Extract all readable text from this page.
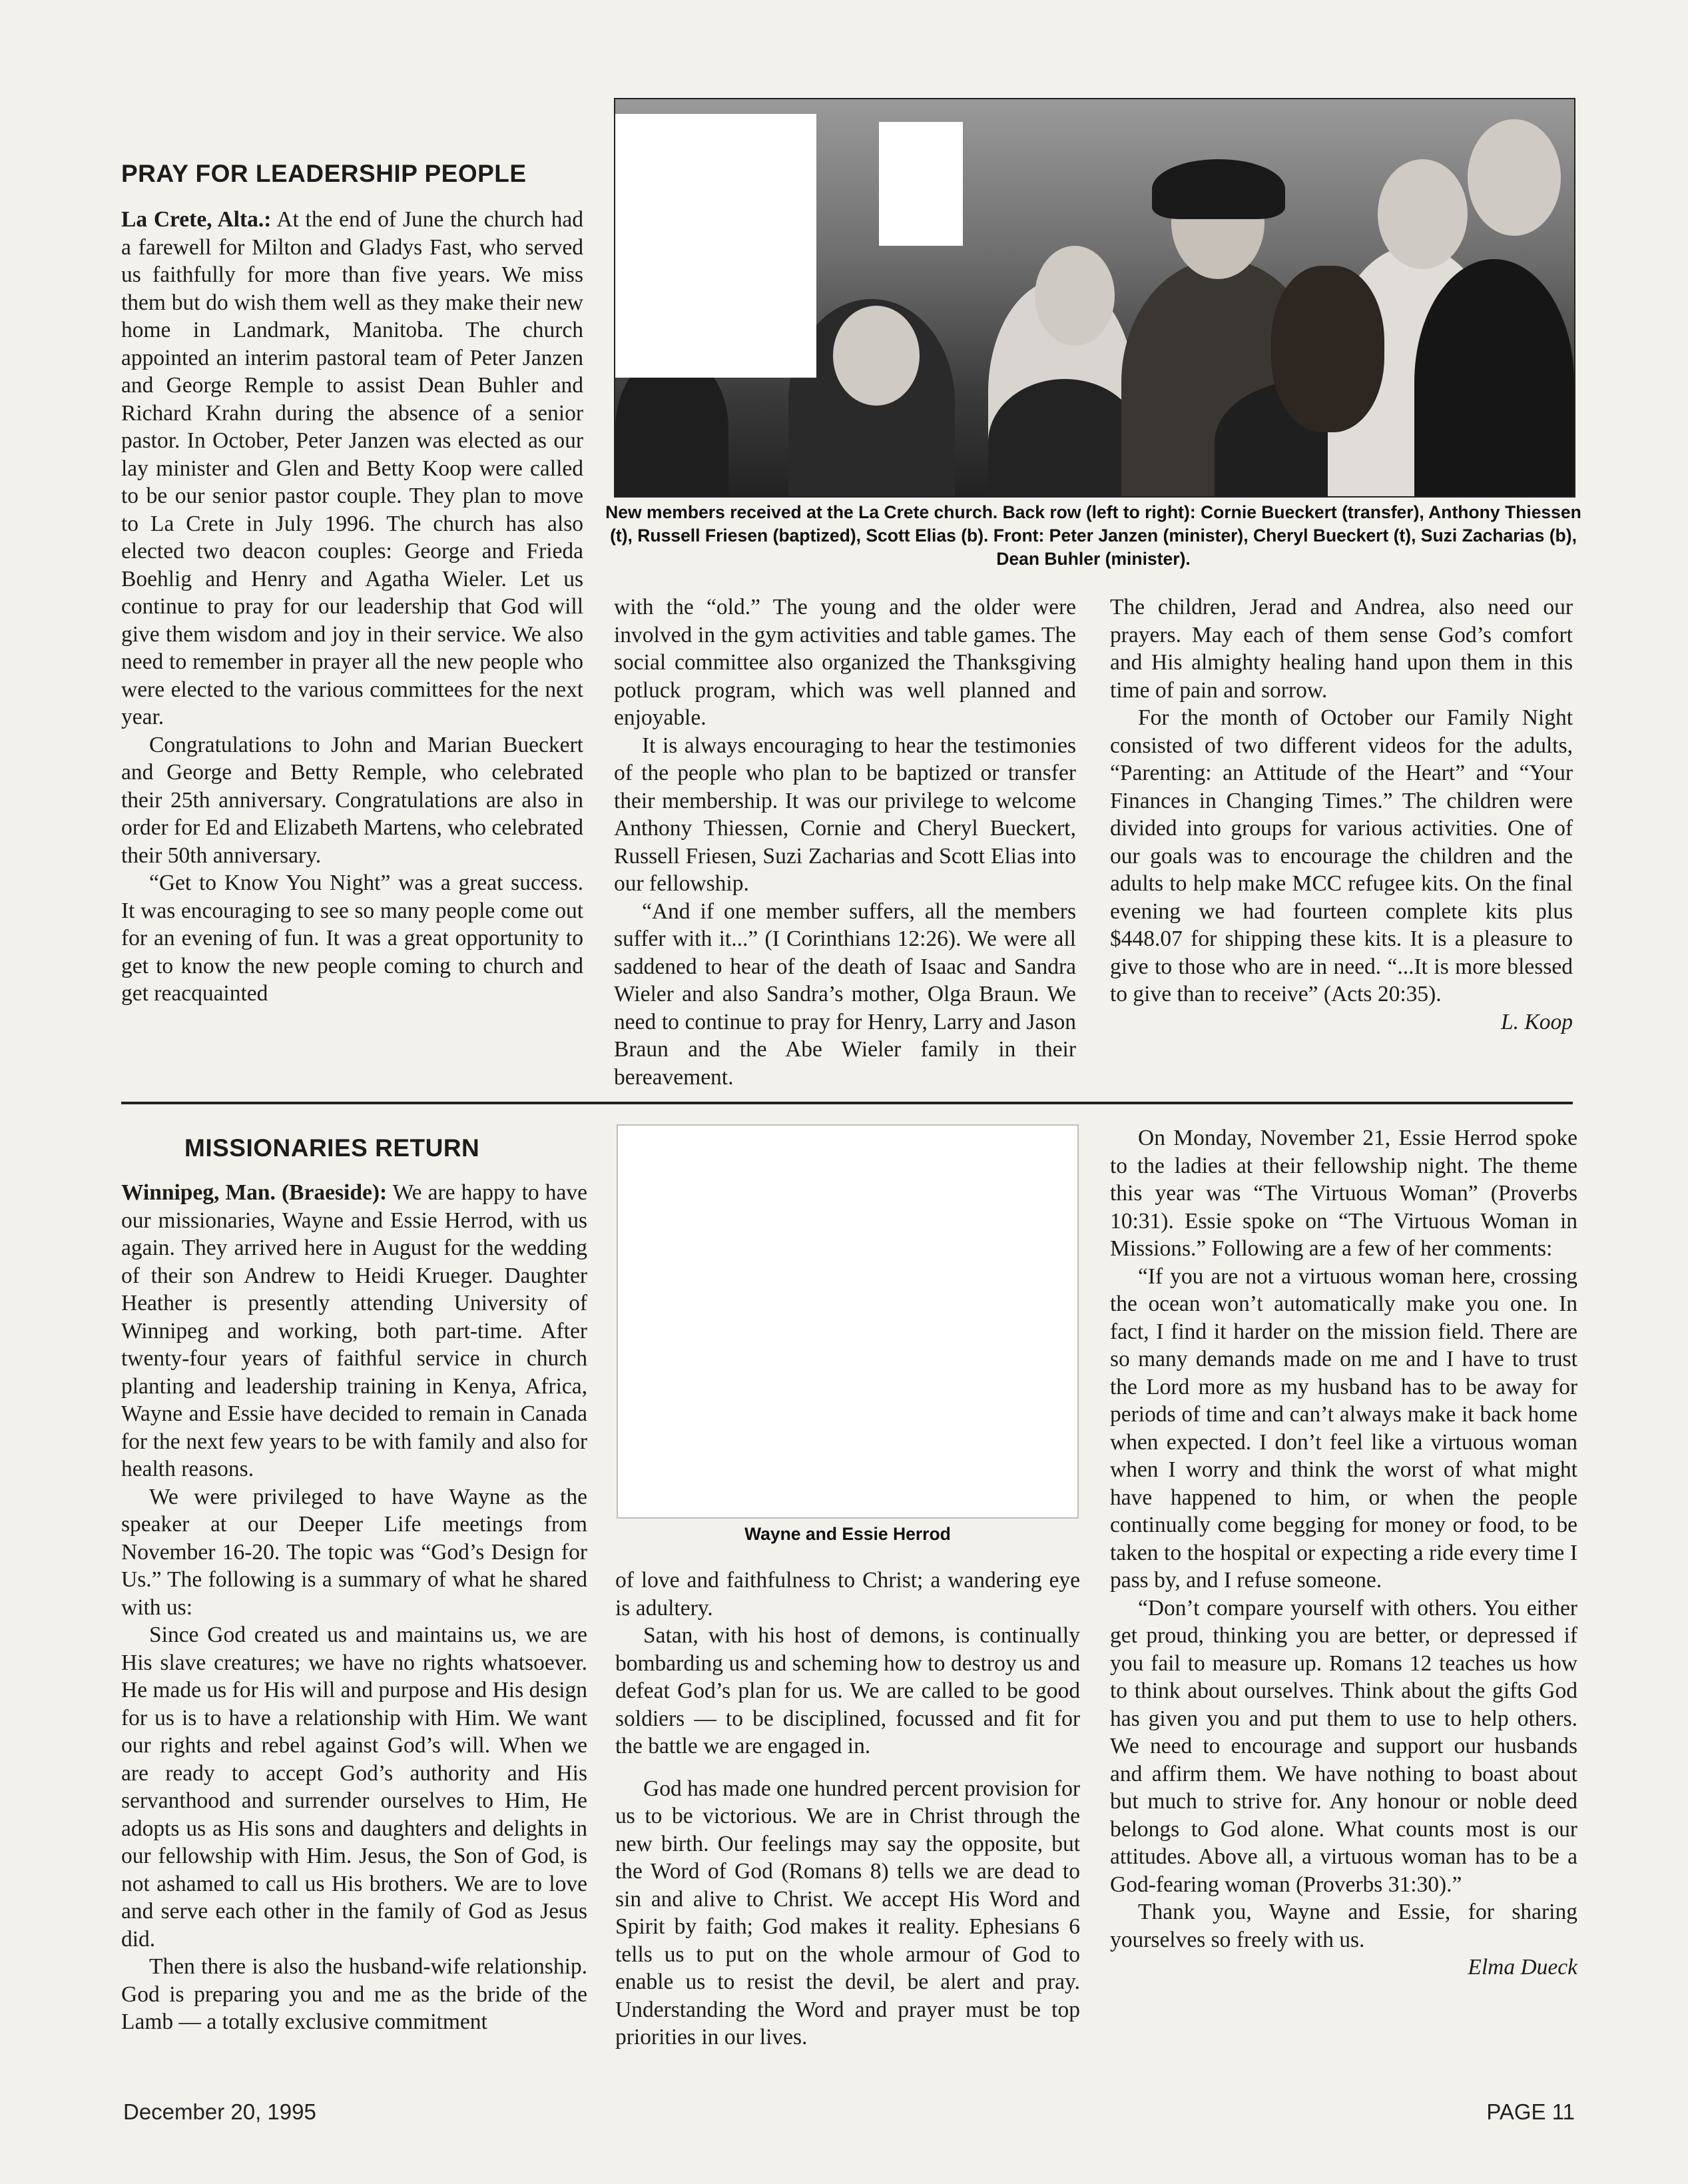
PRAY FOR LEADERSHIP PEOPLE

La Crete, Alta.: At the end of June the church had a farewell for Milton and Gladys Fast, who served us faithfully for more than five years. We miss them but do wish them well as they make their new home in Landmark, Manitoba. The church appointed an interim pastoral team of Peter Janzen and George Remple to assist Dean Buhler and Richard Krahn during the absence of a senior pastor. In October, Peter Janzen was elected as our lay minister and Glen and Betty Koop were called to be our senior pastor couple. They plan to move to La Crete in July 1996. The church has also elected two deacon couples: George and Frieda Boehlig and Henry and Agatha Wieler. Let us continue to pray for our leadership that God will give them wisdom and joy in their service. We also need to remember in prayer all the new people who were elected to the various committees for the next year.

Congratulations to John and Marian Bueckert and George and Betty Remple, who celebrated their 25th anniversary. Congratulations are also in order for Ed and Elizabeth Martens, who celebrated their 50th anniversary.

“Get to Know You Night” was a great success. It was encouraging to see so many people come out for an evening of fun. It was a great opportunity to get to know the new people coming to church and get reacquainted

New members received at the La Crete church. Back row (left to right): Cornie Bueckert (transfer), Anthony Thiessen (t), Russell Friesen (baptized), Scott Elias (b). Front: Peter Janzen (minister), Cheryl Bueckert (t), Suzi Zacharias (b), Dean Buhler (minister).

with the “old.” The young and the older were involved in the gym activities and table games. The social committee also organized the Thanksgiving potluck program, which was well planned and enjoyable.

It is always encouraging to hear the testimonies of the people who plan to be baptized or transfer their membership. It was our privilege to welcome Anthony Thiessen, Cornie and Cheryl Bueckert, Russell Friesen, Suzi Zacharias and Scott Elias into our fellowship.

“And if one member suffers, all the members suffer with it...” (I Corinthians 12:26). We were all saddened to hear of the death of Isaac and Sandra Wieler and also Sandra’s mother, Olga Braun. We need to continue to pray for Henry, Larry and Jason Braun and the Abe Wieler family in their bereavement.

The children, Jerad and Andrea, also need our prayers. May each of them sense God’s comfort and His almighty healing hand upon them in this time of pain and sorrow.

For the month of October our Family Night consisted of two different videos for the adults, “Parenting: an Attitude of the Heart” and “Your Finances in Changing Times.” The children were divided into groups for various activities. One of our goals was to encourage the children and the adults to help make MCC refugee kits. On the final evening we had fourteen complete kits plus $448.07 for shipping these kits. It is a pleasure to give to those who are in need. “...It is more blessed to give than to receive” (Acts 20:35).

L. Koop

MISSIONARIES RETURN

Winnipeg, Man. (Braeside): We are happy to have our missionaries, Wayne and Essie Herrod, with us again. They arrived here in August for the wedding of their son Andrew to Heidi Krueger. Daughter Heather is presently attending University of Winnipeg and working, both part-time. After twenty-four years of faithful service in church planting and leadership training in Kenya, Africa, Wayne and Essie have decided to remain in Canada for the next few years to be with family and also for health reasons.

We were privileged to have Wayne as the speaker at our Deeper Life meetings from November 16-20. The topic was “God’s Design for Us.” The following is a summary of what he shared with us:

Since God created us and maintains us, we are His slave creatures; we have no rights whatsoever. He made us for His will and purpose and His design for us is to have a relationship with Him. We want our rights and rebel against God’s will. When we are ready to accept God’s authority and His servanthood and surrender ourselves to Him, He adopts us as His sons and daughters and delights in our fellowship with Him. Jesus, the Son of God, is not ashamed to call us His brothers. We are to love and serve each other in the family of God as Jesus did.

Then there is also the husband-wife relationship. God is preparing you and me as the bride of the Lamb — a totally exclusive commitment

Wayne and Essie Herrod

of love and faithfulness to Christ; a wandering eye is adultery.

Satan, with his host of demons, is continually bombarding us and scheming how to destroy us and defeat God’s plan for us. We are called to be good soldiers — to be disciplined, focussed and fit for the battle we are engaged in.

God has made one hundred percent provision for us to be victorious. We are in Christ through the new birth. Our feelings may say the opposite, but the Word of God (Romans 8) tells we are dead to sin and alive to Christ. We accept His Word and Spirit by faith; God makes it reality. Ephesians 6 tells us to put on the whole armour of God to enable us to resist the devil, be alert and pray. Understanding the Word and prayer must be top priorities in our lives.

On Monday, November 21, Essie Herrod spoke to the ladies at their fellowship night. The theme this year was “The Virtuous Woman” (Proverbs 10:31). Essie spoke on “The Virtuous Woman in Missions.” Following are a few of her comments:

“If you are not a virtuous woman here, crossing the ocean won’t automatically make you one. In fact, I find it harder on the mission field. There are so many demands made on me and I have to trust the Lord more as my husband has to be away for periods of time and can’t always make it back home when expected. I don’t feel like a virtuous woman when I worry and think the worst of what might have happened to him, or when the people continually come begging for money or food, to be taken to the hospital or expecting a ride every time I pass by, and I refuse someone.

“Don’t compare yourself with others. You either get proud, thinking you are better, or depressed if you fail to measure up. Romans 12 teaches us how to think about ourselves. Think about the gifts God has given you and put them to use to help others. We need to encourage and support our husbands and affirm them. We have nothing to boast about but much to strive for. Any honour or noble deed belongs to God alone. What counts most is our attitudes. Above all, a virtuous woman has to be a God-fearing woman (Proverbs 31:30).”

Thank you, Wayne and Essie, for sharing yourselves so freely with us.

Elma Dueck

December 20, 1995	PAGE 11
